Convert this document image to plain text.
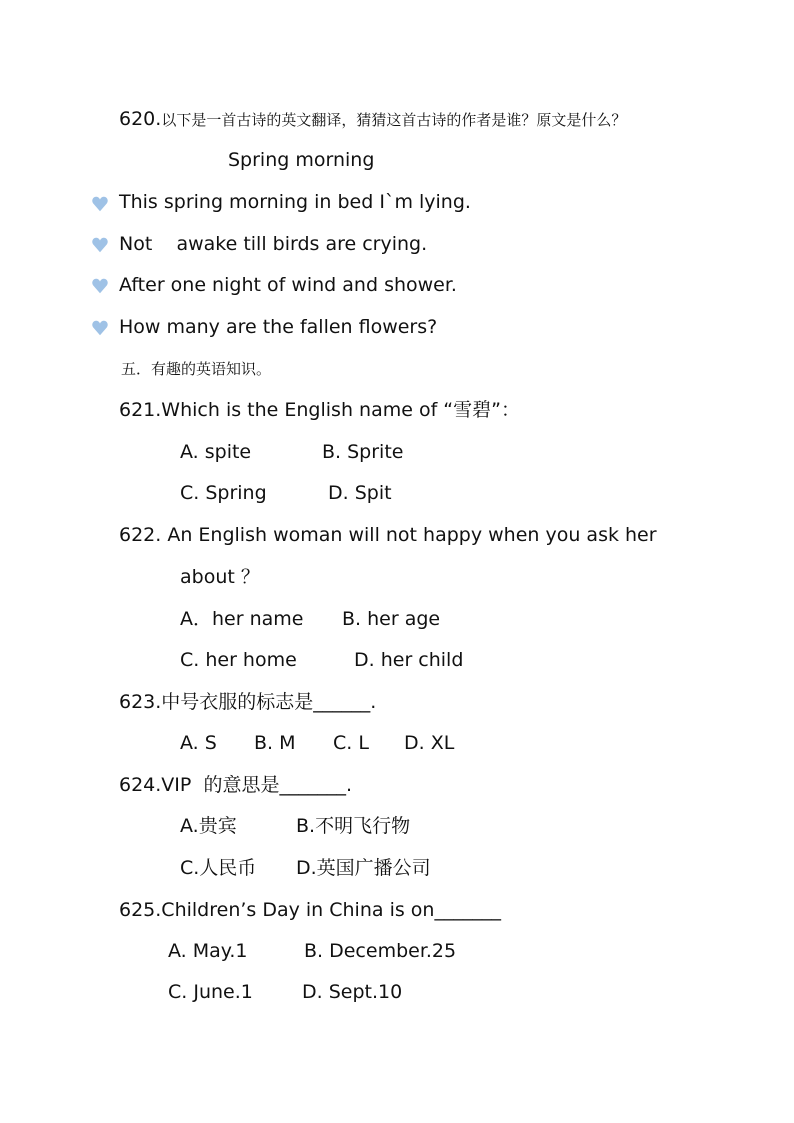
620.以下是一首古诗的英文翻译，猜猜这首古诗的作者是谁？原文是什么？
Spring morning
This spring morning in bed I`m lying.
Not    awake till birds are crying.
After one night of wind and shower.
How many are the fallen flowers?
五．有趣的英语知识。
621.Which is the English name of “雪碧”：
A. spite	B. Sprite
C. Spring	D. Spit
622. An English woman will not happy when you ask her
about ？
A．her name B. her age
C. her home	D. her child
623.中号衣服的标志是______.
A. S B. M C. L D. XL
624.VIP  的意思是_______.
A.贵宾	B.不明飞行物
C.人民币 D.英国广播公司
625.Children’s Day in China is on_______
A. May.1	B. December.25
C. June.1	D. Sept.10
